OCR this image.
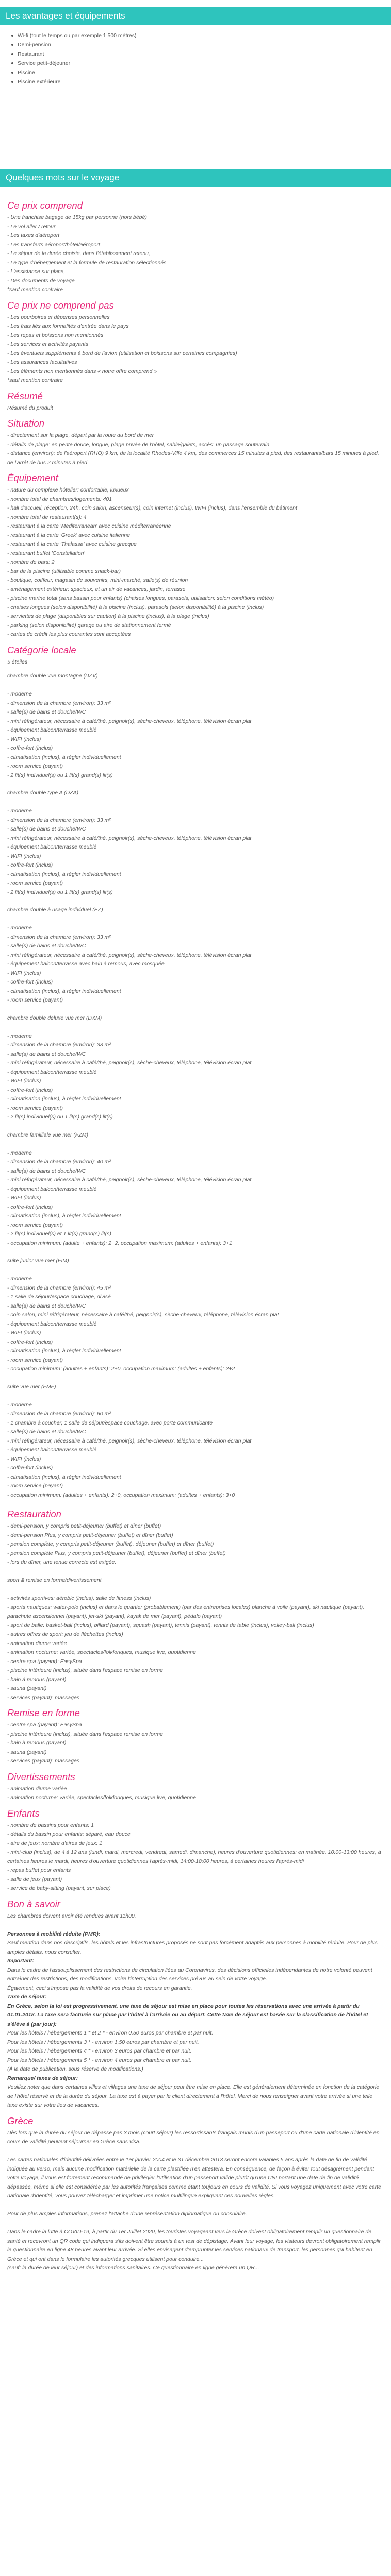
Les avantages et équipements
Wi-fi (tout le temps ou par exemple 1 500 mètres)
Demi-pension
Restaurant
Service petit-déjeuner
Piscine
Piscine extérieure
Quelques mots sur le voyage
Ce prix comprend

- Une franchise bagage de 15kg par personne (hors bébé)

- Le vol aller / retour

- Les taxes d'aéroport

- Les transferts aéroport/hôtel/aéroport

- Le séjour de la durée choisie, dans l'établissement retenu,

- Le type d'hébergement et la formule de restauration sélectionnés

- L'assistance sur place,

- Des documents de voyage

*sauf mention contraire

Ce prix ne comprend pas

- Les pourboires et dépenses personnelles

- Les frais liés aux formalités d'entrée dans le pays

- Les repas et boissons non mentionnés

- Les services et activités payants

- Les éventuels suppléments à bord de l'avion (utilisation et boissons sur certaines compagnies)

- Les assurances facultatives

- Les éléments non mentionnés dans « notre offre comprend »

*sauf mention contraire

Résumé

Résumé du produit

Situation

- directement sur la plage, départ par la route du bord de mer

- détails de plage: en pente douce, longue, plage privée de l'hôtel, sable/galets, accès: un passage souterrain

- distance (environ): de l'aéroport (RHO) 9 km, de la localité Rhodes-Ville 4 km, des commerces 15 minutes à pied, des restaurants/bars 15 minutes à pied, de l'arrêt de bus 2 minutes à pied

Équipement

- nature du complexe hôtelier: confortable, luxueux

- nombre total de chambres/logements: 401

- hall d'accueil, réception, 24h, coin salon, ascenseur(s), coin internet (inclus), WIFI (inclus), dans l'ensemble du bâtiment

- nombre total de restaurant(s): 4

- restaurant à la carte 'Mediterranean' avec cuisine méditerranéenne

- restaurant à la carte 'Greek' avec cuisine italienne

- restaurant à la carte 'Thalassa' avec cuisine grecque

- restaurant buffet 'Constellation'

- nombre de bars: 2

- bar de la piscine (utilisable comme snack-bar)

- boutique, coiffeur, magasin de souvenirs, mini-marché, salle(s) de réunion

- aménagement extérieur: spacieux, et un air de vacances, jardin, terrasse

- piscine marine total (sans bassin pour enfants) (chaises longues, parasols, utilisation: selon conditions météo)

- chaises longues (selon disponibilité) à la piscine (inclus), parasols (selon disponibilité) à la piscine (inclus)

- serviettes de plage (disponibles sur caution) à la piscine (inclus), à la plage (inclus)

- parking (selon disponibilité) garage ou aire de stationnement fermé

- cartes de crédit les plus courantes sont acceptées

Catégorie locale

5 étoiles

chambre double vue montagne (DZV)

- moderne

- dimension de la chambre (environ): 33 m²

- salle(s) de bains et douche/WC

- mini réfrigérateur, nécessaire à café/thé, peignoir(s), sèche-cheveux, téléphone, télévision écran plat

- équipement balcon/terrasse meublé

- WIFI (inclus)

- coffre-fort (inclus)

- climatisation (inclus), à régler individuellement

- room service (payant)

- 2 lit(s) individuel(s) ou 1 lit(s) grand(s) lit(s)

chambre double type A (DZA)

- moderne

- dimension de la chambre (environ): 33 m²

- salle(s) de bains et douche/WC

- mini réfrigérateur, nécessaire à café/thé, peignoir(s), sèche-cheveux, téléphone, télévision écran plat

- équipement balcon/terrasse meublé

- WIFI (inclus)

- coffre-fort (inclus)

- climatisation (inclus), à régler individuellement

- room service (payant)

- 2 lit(s) individuel(s) ou 1 lit(s) grand(s) lit(s)

chambre double à usage individuel (EZ)

- moderne

- dimension de la chambre (environ): 33 m²

- salle(s) de bains et douche/WC

- mini réfrigérateur, nécessaire à café/thé, peignoir(s), sèche-cheveux, téléphone, télévision écran plat

- équipement balcon/terrasse avec bain à remous, avec mosquée

- WIFI (inclus)

- coffre-fort (inclus)

- climatisation (inclus), à régler individuellement

- room service (payant)

chambre double deluxe vue mer (DXM)

- moderne

- dimension de la chambre (environ): 33 m²

- salle(s) de bains et douche/WC

- mini réfrigérateur, nécessaire à café/thé, peignoir(s), sèche-cheveux, téléphone, télévision écran plat

- équipement balcon/terrasse meublé

- WIFI (inclus)

- coffre-fort (inclus)

- climatisation (inclus), à régler individuellement

- room service (payant)

- 2 lit(s) individuel(s) ou 1 lit(s) grand(s) lit(s)

chambre familliale vue mer (FZM)

- moderne

- dimension de la chambre (environ): 40 m²

- salle(s) de bains et douche/WC

- mini réfrigérateur, nécessaire à café/thé, peignoir(s), sèche-cheveux, téléphone, télévision écran plat

- équipement balcon/terrasse meublé

- WIFI (inclus)

- coffre-fort (inclus)

- climatisation (inclus), à régler individuellement

- room service (payant)

- 2 lit(s) individuel(s) et 1 lit(s) grand(s) lit(s)

- occupation minimum: (adulte + enfants): 2+2, occupation maximum: (adultes + enfants): 3+1

suite junior vue mer (FIM)

- moderne

- dimension de la chambre (environ): 45 m²

- 1 salle de séjour/espace couchage, divisé

- salle(s) de bains et douche/WC

- coin salon, mini réfrigérateur, nécessaire à café/thé, peignoir(s), sèche-cheveux, téléphone, télévision écran plat

- équipement balcon/terrasse meublé

- WIFI (inclus)

- coffre-fort (inclus)

- climatisation (inclus), à régler individuellement

- room service (payant)

- occupation minimum: (adultes + enfants): 2+0, occupation maximum: (adultes + enfants): 2+2

suite vue mer (FMF)

- moderne

- dimension de la chambre (environ): 60 m²

- 1 chambre à coucher, 1 salle de séjour/espace couchage, avec porte communicante

- salle(s) de bains et douche/WC

- mini réfrigérateur, nécessaire à café/thé, peignoir(s), sèche-cheveux, téléphone, télévision écran plat

- équipement balcon/terrasse meublé

- WIFI (inclus)

- coffre-fort (inclus)

- climatisation (inclus), à régler individuellement

- room service (payant)

- occupation minimum: (adultes + enfants): 2+0, occupation maximum: (adultes + enfants): 3+0

Restauration

- demi-pension, y compris petit-déjeuner (buffet) et dîner (buffet)

- demi-pension Plus, y compris petit-déjeuner (buffet) et dîner (buffet)

- pension complète, y compris petit-déjeuner (buffet), déjeuner (buffet) et dîner (buffet)

- pension complète Plus, y compris petit-déjeuner (buffet), déjeuner (buffet) et dîner (buffet)

- lors du dîner, une tenue correcte est exigée.

sport & remise en forme/divertissement

- activités sportives: aérobic (inclus), salle de fitness (inclus)

- sports nautiques: water-polo (inclus) et dans le quartier (probablement) (par des entreprises locales) planche à voile (payant), ski nautique (payant), parachute ascensionnel (payant), jet-ski (payant), kayak de mer (payant), pédalo (payant)

- sport de balle: basket-ball (inclus), billard (payant), squash (payant), tennis (payant), tennis de table (inclus), volley-ball (inclus)

- autres offres de sport: jeu de fléchettes (inclus)

- animation diurne variée

- animation nocturne: variée, spectacles/folkloriques, musique live, quotidienne

- centre spa (payant): EasySpa

- piscine intérieure (inclus), située dans l'espace remise en forme

- bain à remous (payant)

- sauna (payant)

- services (payant): massages

Remise en forme

- centre spa (payant): EasySpa

- piscine intérieure (inclus), située dans l'espace remise en forme

- bain à remous (payant)

- sauna (payant)

- services (payant): massages

Divertissements

- animation diurne variée

- animation nocturne: variée, spectacles/folkloriques, musique live, quotidienne

Enfants

- nombre de bassins pour enfants: 1

- détails du bassin pour enfants: séparé, eau douce

- aire de jeux: nombre d'aires de jeux: 1

- mini-club (inclus), de 4 à 12 ans (lundi, mardi, mercredi, vendredi, samedi, dimanche), heures d'ouverture quotidiennes: en matinée, 10:00-13:00 heures, à certaines heures le mardi, heures d'ouverture quotidiennes l'après-midi, 14:00-18:00 heures, à certaines heures l'après-midi

- repas buffet pour enfants

- salle de jeux (payant)

- service de baby-sitting (payant, sur place)

Bon à savoir

Les chambres doivent avoir été rendues avant 11h00.

Personnes à mobilité réduite (PMR):

Sauf mention dans nos descriptifs, les hôtels et les infrastructures proposés ne sont pas forcément adaptés aux personnes à mobilité réduite. Pour de plus amples détails, nous consulter.

Important:

Dans le cadre de l'assouplissement des restrictions de circulation liées au Coronavirus, des décisions officielles indépendantes de notre volonté peuvent entraîner des restrictions, des modifications, voire l'interruption des services prévus au sein de votre voyage.

Également, ceci s'impose pas la validité de vos droits de recours en garantie.

Taxe de séjour:

En Grèce, selon la loi est progressivement, une taxe de séjour est mise en place pour toutes les réservations avec une arrivée à partir du 01.01.2018. La taxe sera facturée sur place par l'hôtel à l'arrivée ou au départ. Cette taxe de séjour est basée sur la classification de l'hôtel et s'élève à (par jour):

Pour les hôtels / hébergements 1 * et 2 * - environ 0,50 euros par chambre et par nuit.

Pour les hôtels / hébergements 3 * - environ 1,50 euros par chambre et par nuit.

Pour les hôtels / hébergements 4 * - environ 3 euros par chambre et par nuit.

Pour les hôtels / hébergements 5 * - environ 4 euros par chambre et par nuit.

(À la date de publication, sous réserve de modifications.)

Remarque/ taxes de séjour:

Veuillez noter que dans certaines villes et villages une taxe de séjour peut être mise en place. Elle est généralement déterminée en fonction de la catégorie de l'hôtel réservé et de la durée du séjour. La taxe est à payer par le client directement à l'hôtel. Merci de nous renseigner avant votre arrivée si une telle taxe existe sur votre lieu de vacances.

Grèce

Dès lors que la durée du séjour ne dépasse pas 3 mois (court séjour) les ressortissants français munis d'un passeport ou d'une carte nationale d'identité en cours de validité peuvent séjourner en Grèce sans visa.

Les cartes nationales d'identité délivrées entre le 1er janvier 2004 et le 31 décembre 2013 seront encore valables 5 ans après la date de fin de validité indiquée au verso, mais aucune modification matérielle de la carte plastifiée n'en attestera. En conséquence, de façon à éviter tout désagrément pendant votre voyage, il vous est fortement recommandé de privilégier l'utilisation d'un passeport valide plutôt qu'une CNI portant une date de fin de validité dépassée, même si elle est considérée par les autorités françaises comme étant toujours en cours de validité. Si vous voyagez uniquement avec votre carte nationale d'identité, vous pouvez télécharger et imprimer une notice multilingue expliquant ces nouvelles règles.

Pour de plus amples informations, prenez l'attache d'une représentation diplomatique ou consulaire.

Dans le cadre la lutte à COVID-19, à partir du 1er Juillet 2020, les touristes voyageant vers la Grèce doivent obligatoirement remplir un questionnaire de santé et recevront un QR code qui indiquera s'ils doivent être soumis à un test de dépistage. Avant leur voyage, les visiteurs devront obligatoirement remplir le questionnaire en ligne 48 heures avant leur arrivée. Si elles envisagent d'emprunter les services nationaux de transport, les personnes qui habitent en Grèce et qui ont dans le formulaire les autorités grecques utilisent pour conduire...

(sauf: la durée de leur séjour) et des informations sanitaires. Ce questionnaire en ligne générera un QR...
